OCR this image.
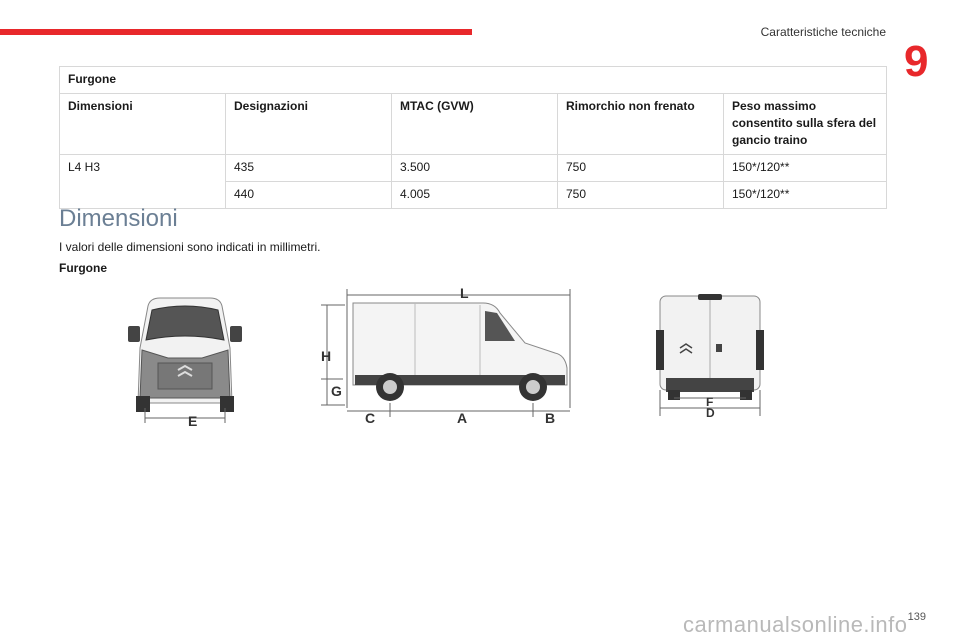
Caratteristiche tecniche
9
Furgone				
Dimensioni	Designazioni	MTAC (GVW)	Rimorchio non frenato	Peso massimo consentito sulla sfera del gancio traino
L4 H3	435	3.500	750	150*/120**
	440	4.005	750	150*/120**
Dimensioni
I valori delle dimensioni sono indicati in millimetri.
Furgone
E
L
H
G
C	A	B
F
D
carmanualsonline.info 139
